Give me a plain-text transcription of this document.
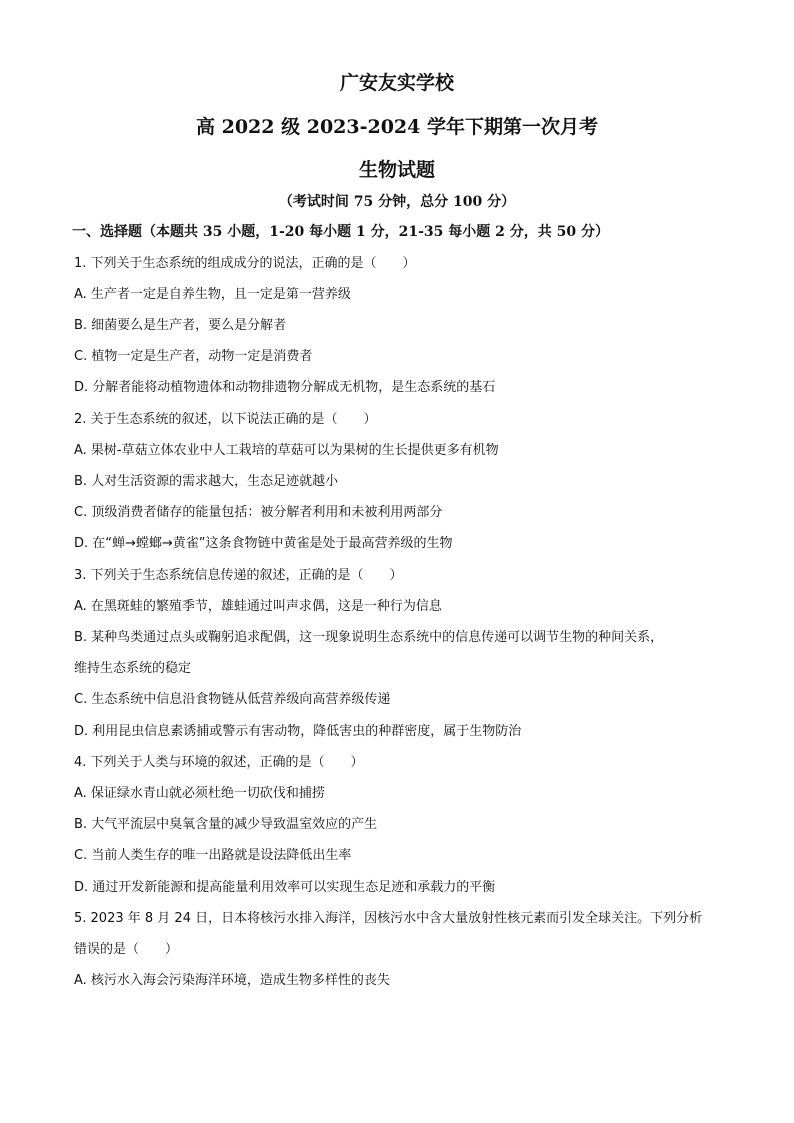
广安友实学校
高 2022 级 2023-2024 学年下期第一次月考
生物试题
（考试时间 75 分钟，总分 100 分）
一、选择题（本题共 35 小题，1-20 每小题 1 分，21-35 每小题 2 分，共 50 分）
1. 下列关于生态系统的组成成分的说法，正确的是（　　）
A. 生产者一定是自养生物，且一定是第一营养级
B. 细菌要么是生产者，要么是分解者
C. 植物一定是生产者，动物一定是消费者
D. 分解者能将动植物遗体和动物排遗物分解成无机物，是生态系统的基石
2. 关于生态系统的叙述，以下说法正确的是（　　）
A. 果树-草菇立体农业中人工栽培的草菇可以为果树的生长提供更多有机物
B. 人对生活资源的需求越大，生态足迹就越小
C. 顶级消费者储存的能量包括：被分解者利用和未被利用两部分
D. 在“蝉→螳螂→黄雀”这条食物链中黄雀是处于最高营养级的生物
3. 下列关于生态系统信息传递的叙述，正确的是（　　）
A. 在黑斑蛙的繁殖季节，雄蛙通过叫声求偶，这是一种行为信息
B. 某种鸟类通过点头或鞠躬追求配偶，这一现象说明生态系统中的信息传递可以调节生物的种间关系，
维持生态系统的稳定
C. 生态系统中信息沿食物链从低营养级向高营养级传递
D. 利用昆虫信息素诱捕或警示有害动物，降低害虫的种群密度，属于生物防治
4. 下列关于人类与环境的叙述，正确的是（　　）
A. 保证绿水青山就必须杜绝一切砍伐和捕捞
B. 大气平流层中臭氧含量的减少导致温室效应的产生
C. 当前人类生存的唯一出路就是设法降低出生率
D. 通过开发新能源和提高能量利用效率可以实现生态足迹和承载力的平衡
5. 2023 年 8 月 24 日，日本将核污水排入海洋，因核污水中含大量放射性核元素而引发全球关注。下列分析
错误的是（　　）
A. 核污水入海会污染海洋环境，造成生物多样性的丧失
